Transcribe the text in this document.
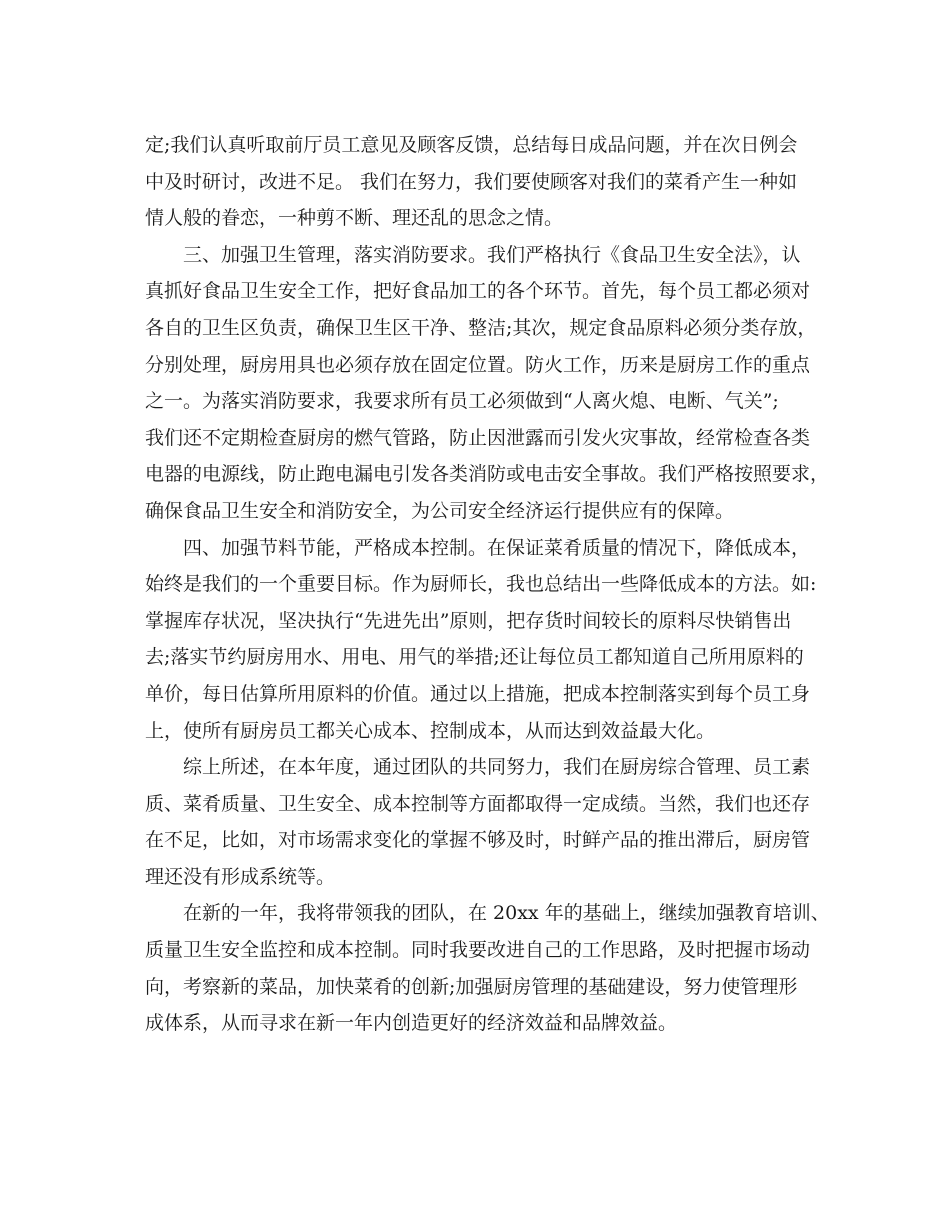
定;我们认真听取前厅员工意见及顾客反馈，总结每日成品问题，并在次日例会
中及时研讨，改进不足。 我们在努力，我们要使顾客对我们的菜肴产生一种如
情人般的眷恋，一种剪不断、理还乱的思念之情。
三、加强卫生管理，落实消防要求。我们严格执行《食品卫生安全法》，认
真抓好食品卫生安全工作，把好食品加工的各个环节。首先，每个员工都必须对
各自的卫生区负责，确保卫生区干净、整洁;其次，规定食品原料必须分类存放，
分别处理，厨房用具也必须存放在固定位置。防火工作，历来是厨房工作的重点
之一。为落实消防要求，我要求所有员工必须做到“人离火熄、电断、气关”;
我们还不定期检查厨房的燃气管路，防止因泄露而引发火灾事故，经常检查各类
电器的电源线，防止跑电漏电引发各类消防或电击安全事故。我们严格按照要求，
确保食品卫生安全和消防安全，为公司安全经济运行提供应有的保障。
四、加强节料节能，严格成本控制。在保证菜肴质量的情况下，降低成本，
始终是我们的一个重要目标。作为厨师长，我也总结出一些降低成本的方法。如:
掌握库存状况，坚决执行“先进先出”原则，把存货时间较长的原料尽快销售出
去;落实节约厨房用水、用电、用气的举措;还让每位员工都知道自己所用原料的
单价，每日估算所用原料的价值。通过以上措施，把成本控制落实到每个员工身
上，使所有厨房员工都关心成本、控制成本，从而达到效益最大化。
综上所述，在本年度，通过团队的共同努力，我们在厨房综合管理、员工素
质、菜肴质量、卫生安全、成本控制等方面都取得一定成绩。当然，我们也还存
在不足，比如，对市场需求变化的掌握不够及时，时鲜产品的推出滞后，厨房管
理还没有形成系统等。
在新的一年，我将带领我的团队，在 20xx 年的基础上，继续加强教育培训、
质量卫生安全监控和成本控制。同时我要改进自己的工作思路，及时把握市场动
向，考察新的菜品，加快菜肴的创新;加强厨房管理的基础建设，努力使管理形
成体系，从而寻求在新一年内创造更好的经济效益和品牌效益。
